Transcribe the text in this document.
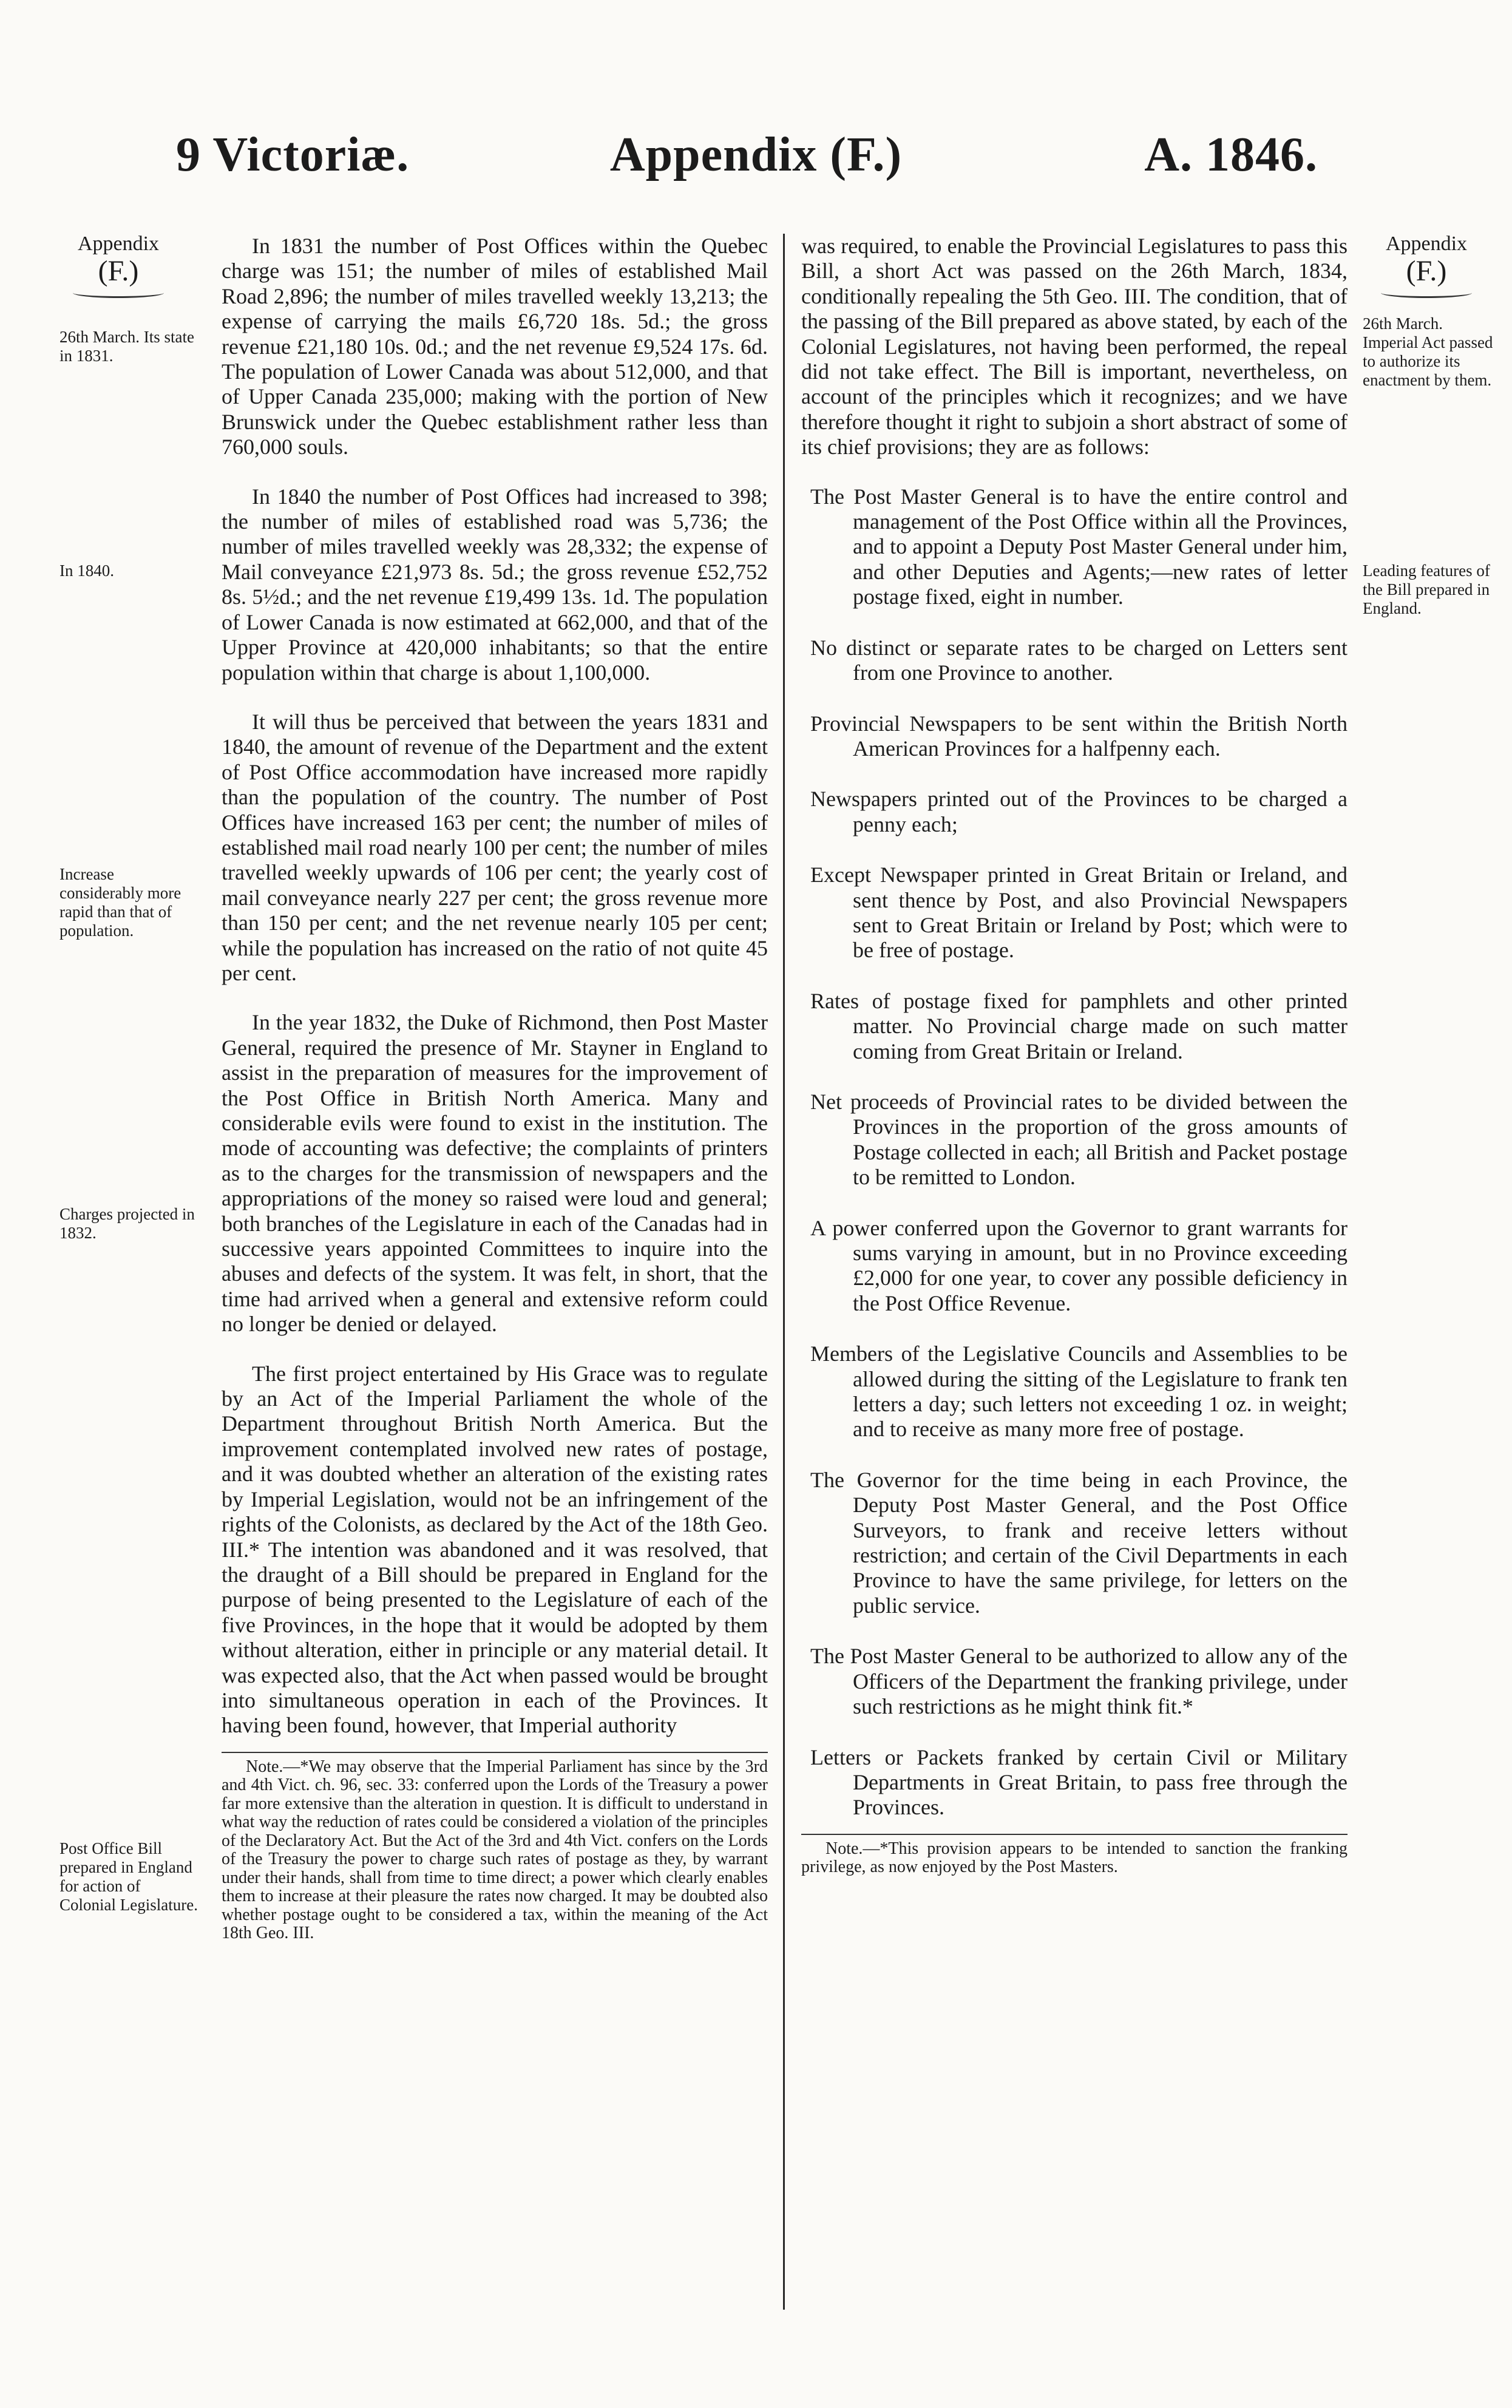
9 Victoriæ.	Appendix (F.)	A. 1846.
Appendix
(F.)
Appendix
(F.)
26th March. Its state in 1831.
In 1840.
Increase considerably more rapid than that of population.
Charges projected in 1832.
Post Office Bill prepared in England for action of Colonial Legislature.
26th March. Imperial Act passed to authorize its enactment by them.
Leading features of the Bill prepared in England.

In 1831 the number of Post Offices within the Quebec charge was 151; the number of miles of established Mail Road 2,896; the number of miles travelled weekly 13,213; the expense of carrying the mails £6,720 18s. 5d.; the gross revenue £21,180 10s. 0d.; and the net revenue £9,524 17s. 6d. The population of Lower Canada was about 512,000, and that of Upper Canada 235,000; making with the portion of New Brunswick under the Quebec establishment rather less than 760,000 souls.

In 1840 the number of Post Offices had increased to 398; the number of miles of established road was 5,736; the number of miles travelled weekly was 28,332; the expense of Mail conveyance £21,973 8s. 5d.; the gross revenue £52,752 8s. 5½d.; and the net revenue £19,499 13s. 1d. The population of Lower Canada is now estimated at 662,000, and that of the Upper Province at 420,000 inhabitants; so that the entire population within that charge is about 1,100,000.

It will thus be perceived that between the years 1831 and 1840, the amount of revenue of the Department and the extent of Post Office accommodation have increased more rapidly than the population of the country. The number of Post Offices have increased 163 per cent; the number of miles of established mail road nearly 100 per cent; the number of miles travelled weekly upwards of 106 per cent; the yearly cost of mail conveyance nearly 227 per cent; the gross revenue more than 150 per cent; and the net revenue nearly 105 per cent; while the population has increased on the ratio of not quite 45 per cent.

In the year 1832, the Duke of Richmond, then Post Master General, required the presence of Mr. Stayner in England to assist in the preparation of measures for the improvement of the Post Office in British North America. Many and considerable evils were found to exist in the institution. The mode of accounting was defective; the complaints of printers as to the charges for the transmission of newspapers and the appropriations of the money so raised were loud and general; both branches of the Legislature in each of the Canadas had in successive years appointed Committees to inquire into the abuses and defects of the system. It was felt, in short, that the time had arrived when a general and extensive reform could no longer be denied or delayed.

The first project entertained by His Grace was to regulate by an Act of the Imperial Parliament the whole of the Department throughout British North America. But the improvement contemplated involved new rates of postage, and it was doubted whether an alteration of the existing rates by Imperial Legislation, would not be an infringement of the rights of the Colonists, as declared by the Act of the 18th Geo. III.* The intention was abandoned and it was resolved, that the draught of a Bill should be prepared in England for the purpose of being presented to the Legislature of each of the five Provinces, in the hope that it would be adopted by them without alteration, either in principle or any material detail. It was expected also, that the Act when passed would be brought into simultaneous operation in each of the Provinces. It having been found, however, that Imperial authority

Note.—*We may observe that the Imperial Parliament has since by the 3rd and 4th Vict. ch. 96, sec. 33: conferred upon the Lords of the Treasury a power far more extensive than the alteration in question. It is difficult to understand in what way the reduction of rates could be considered a violation of the principles of the Declaratory Act. But the Act of the 3rd and 4th Vict. confers on the Lords of the Treasury the power to charge such rates of postage as they, by warrant under their hands, shall from time to time direct; a power which clearly enables them to increase at their pleasure the rates now charged. It may be doubted also whether postage ought to be considered a tax, within the meaning of the Act 18th Geo. III.

was required, to enable the Provincial Legislatures to pass this Bill, a short Act was passed on the 26th March, 1834, conditionally repealing the 5th Geo. III. The condition, that of the passing of the Bill prepared as above stated, by each of the Colonial Legislatures, not having been performed, the repeal did not take effect. The Bill is important, nevertheless, on account of the principles which it recognizes; and we have therefore thought it right to subjoin a short abstract of some of its chief provisions; they are as follows:

The Post Master General is to have the entire control and management of the Post Office within all the Provinces, and to appoint a Deputy Post Master General under him, and other Deputies and Agents;—new rates of letter postage fixed, eight in number.
No distinct or separate rates to be charged on Letters sent from one Province to another.
Provincial Newspapers to be sent within the British North American Provinces for a halfpenny each.
Newspapers printed out of the Provinces to be charged a penny each;
Except Newspaper printed in Great Britain or Ireland, and sent thence by Post, and also Provincial Newspapers sent to Great Britain or Ireland by Post; which were to be free of postage.
Rates of postage fixed for pamphlets and other printed matter. No Provincial charge made on such matter coming from Great Britain or Ireland.
Net proceeds of Provincial rates to be divided between the Provinces in the proportion of the gross amounts of Postage collected in each; all British and Packet postage to be remitted to London.
A power conferred upon the Governor to grant warrants for sums varying in amount, but in no Province exceeding £2,000 for one year, to cover any possible deficiency in the Post Office Revenue.
Members of the Legislative Councils and Assemblies to be allowed during the sitting of the Legislature to frank ten letters a day; such letters not exceeding 1 oz. in weight; and to receive as many more free of postage.
The Governor for the time being in each Province, the Deputy Post Master General, and the Post Office Surveyors, to frank and receive letters without restriction; and certain of the Civil Departments in each Province to have the same privilege, for letters on the public service.
The Post Master General to be authorized to allow any of the Officers of the Department the franking privilege, under such restrictions as he might think fit.*
Letters or Packets franked by certain Civil or Military Departments in Great Britain, to pass free through the Provinces.

Note.—*This provision appears to be intended to sanction the franking privilege, as now enjoyed by the Post Masters.
